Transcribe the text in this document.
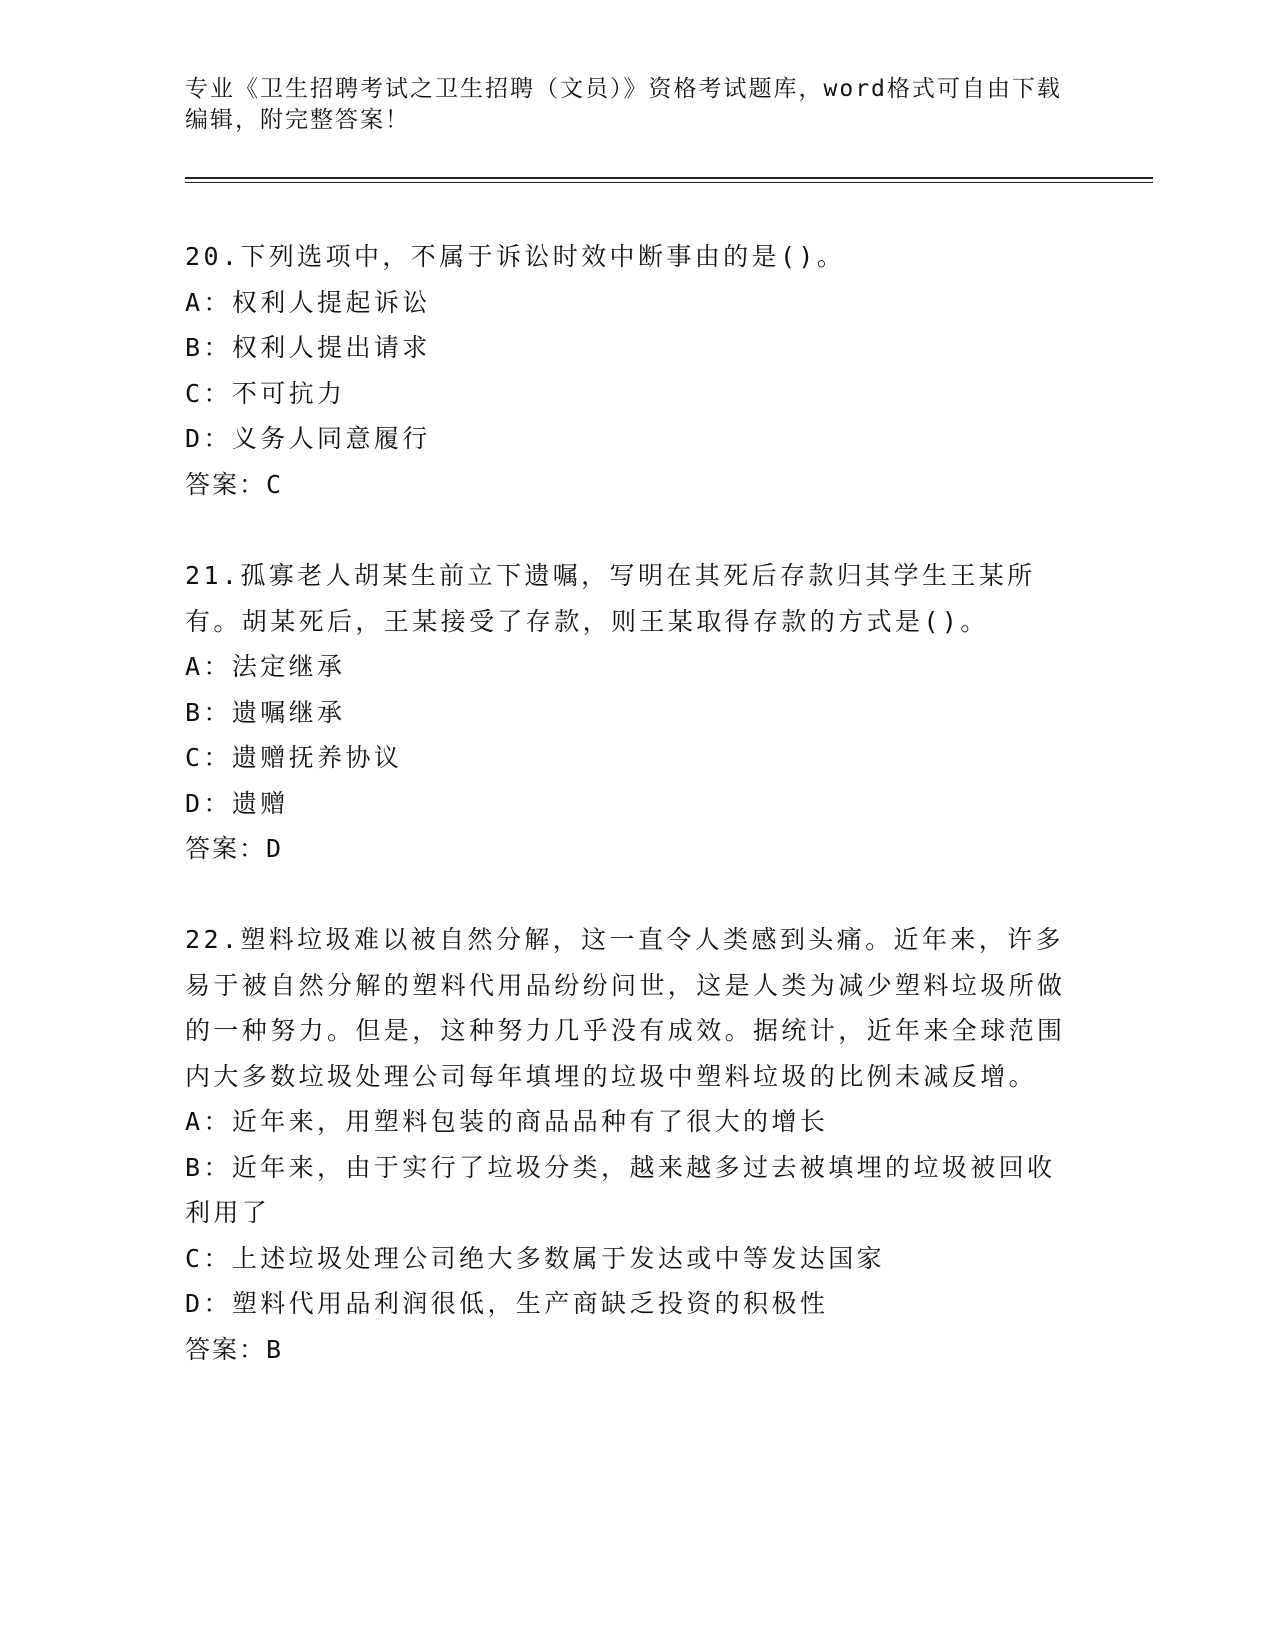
专业《卫生招聘考试之卫生招聘（文员）》资格考试题库，word格式可自由下载编辑，附完整答案！
20.下列选项中，不属于诉讼时效中断事由的是()。
A：权利人提起诉讼
B：权利人提出请求
C：不可抗力
D：义务人同意履行
答案：C
21.孤寡老人胡某生前立下遗嘱，写明在其死后存款归其学生王某所有。胡某死后，王某接受了存款，则王某取得存款的方式是()。
A：法定继承
B：遗嘱继承
C：遗赠抚养协议
D：遗赠
答案：D
22.塑料垃圾难以被自然分解，这一直令人类感到头痛。近年来，许多易于被自然分解的塑料代用品纷纷问世，这是人类为减少塑料垃圾所做的一种努力。但是，这种努力几乎没有成效。据统计，近年来全球范围内大多数垃圾处理公司每年填埋的垃圾中塑料垃圾的比例未减反增。
A：近年来，用塑料包装的商品品种有了很大的增长
B：近年来，由于实行了垃圾分类，越来越多过去被填埋的垃圾被回收利用了
C：上述垃圾处理公司绝大多数属于发达或中等发达国家
D：塑料代用品利润很低，生产商缺乏投资的积极性
答案：B
